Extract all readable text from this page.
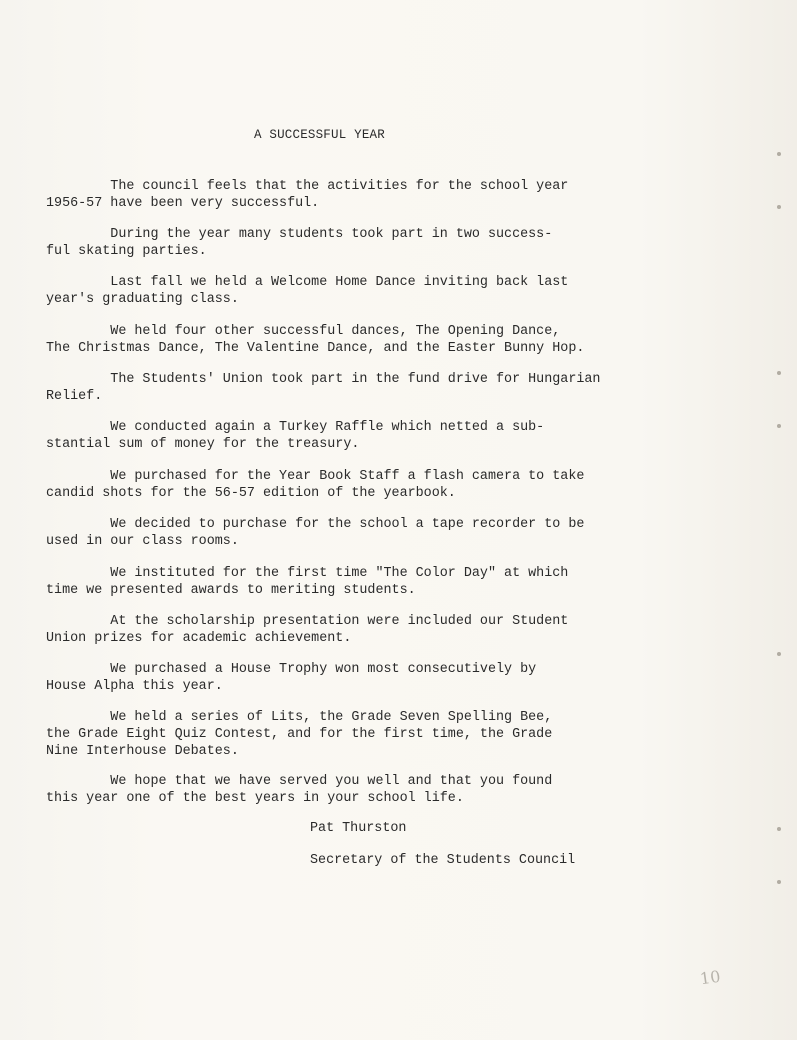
A SUCCESSFUL YEAR
The council feels that the activities for the school year
1956-57 have been very successful.
During the year many students took part in two success-
ful skating parties.
Last fall we held a Welcome Home Dance inviting back last
year's graduating class.
We held four other successful dances, The Opening Dance,
The Christmas Dance, The Valentine Dance, and the Easter Bunny Hop.
The Students' Union took part in the fund drive for Hungarian
Relief.
We conducted again a Turkey Raffle which netted a sub-
stantial sum of money for the treasury.
We purchased for the Year Book Staff a flash camera to take
candid shots for the 56-57 edition of the yearbook.
We decided to purchase for the school a tape recorder to be
used in our class rooms.
We instituted for the first time "The Color Day" at which
time we presented awards to meriting students.
At the scholarship presentation were included our Student
Union prizes for academic achievement.
We purchased a House Trophy won most consecutively by
House Alpha this year.
We held a series of Lits, the Grade Seven Spelling Bee,
the Grade Eight Quiz Contest, and for the first time, the Grade
Nine Interhouse Debates.
We hope that we have served you well and that you found
this year one of the best years in your school life.
Pat Thurston
Secretary of the Students Council
10
